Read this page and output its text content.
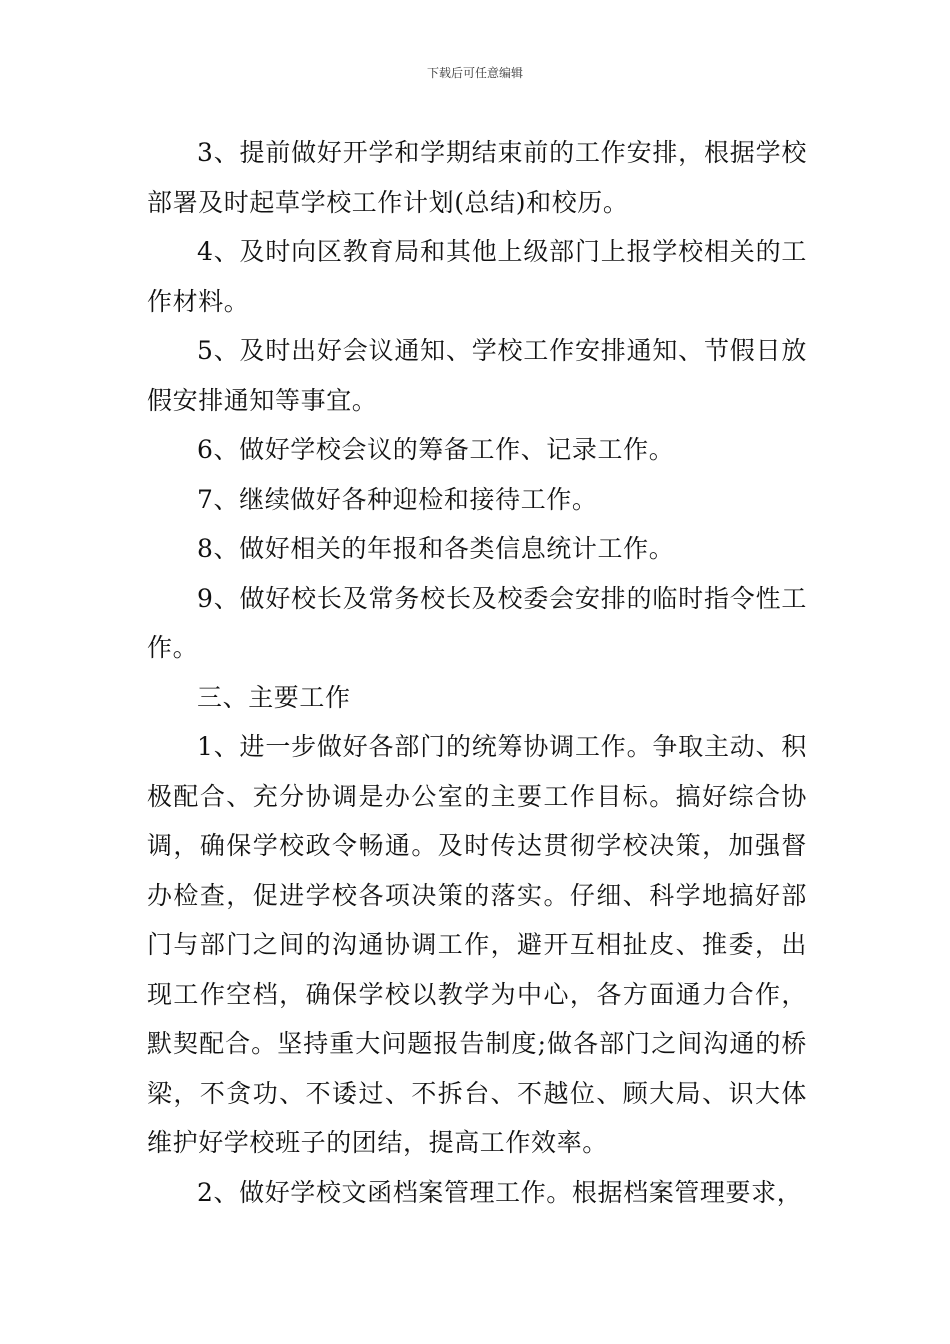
下载后可任意编辑

3、提前做好开学和学期结束前的工作安排，根据学校部署及时起草学校工作计划(总结)和校历。

4、及时向区教育局和其他上级部门上报学校相关的工作材料。

5、及时出好会议通知、学校工作安排通知、节假日放假安排通知等事宜。

6、做好学校会议的筹备工作、记录工作。

7、继续做好各种迎检和接待工作。

8、做好相关的年报和各类信息统计工作。

9、做好校长及常务校长及校委会安排的临时指令性工作。

三、主要工作

1、进一步做好各部门的统筹协调工作。争取主动、积极配合、充分协调是办公室的主要工作目标。搞好综合协调，确保学校政令畅通。及时传达贯彻学校决策，加强督办检查，促进学校各项决策的落实。仔细、科学地搞好部门与部门之间的沟通协调工作，避开互相扯皮、推委，出现工作空档，确保学校以教学为中心，各方面通力合作，默契配合。坚持重大问题报告制度;做各部门之间沟通的桥梁，不贪功、不诿过、不拆台、不越位、顾大局、识大体维护好学校班子的团结，提高工作效率。

2、做好学校文函档案管理工作。根据档案管理要求，
